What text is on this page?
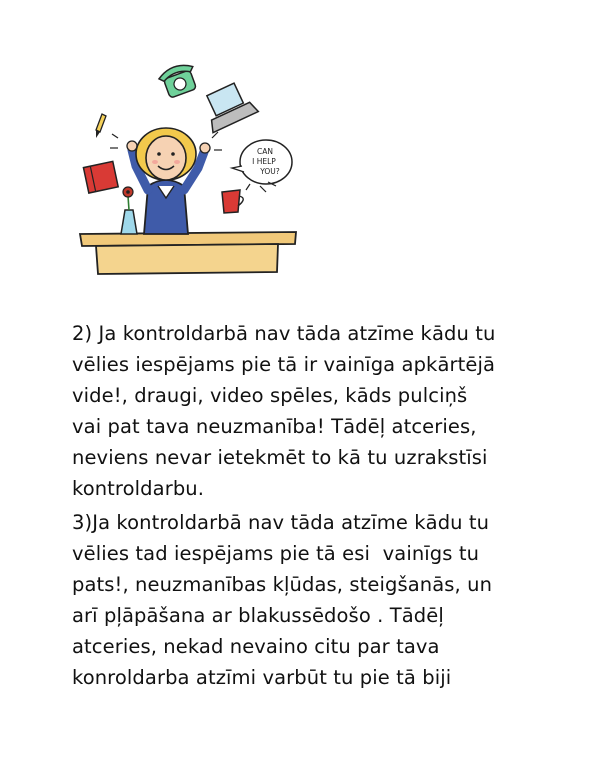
CAN
I HELP
YOU?
2) Ja kontroldarbā nav tāda atzīme kādu tu
vēlies iespējams pie tā ir vainīga apkārtējā
vide!, draugi, video spēles, kāds pulciņš
vai pat tava neuzmanība! Tādēļ atceries,
neviens nevar ietekmēt to kā tu uzrakstīsi
kontroldarbu.
3)Ja kontroldarbā nav tāda atzīme kādu tu
vēlies tad iespējams pie tā esi  vainīgs tu
pats!, neuzmanības kļūdas, steigšanās, un
arī pļāpāšana ar blakussēdošo . Tādēļ
atceries, nekad nevaino citu par tava
konroldarba atzīmi varbūt tu pie tā biji
